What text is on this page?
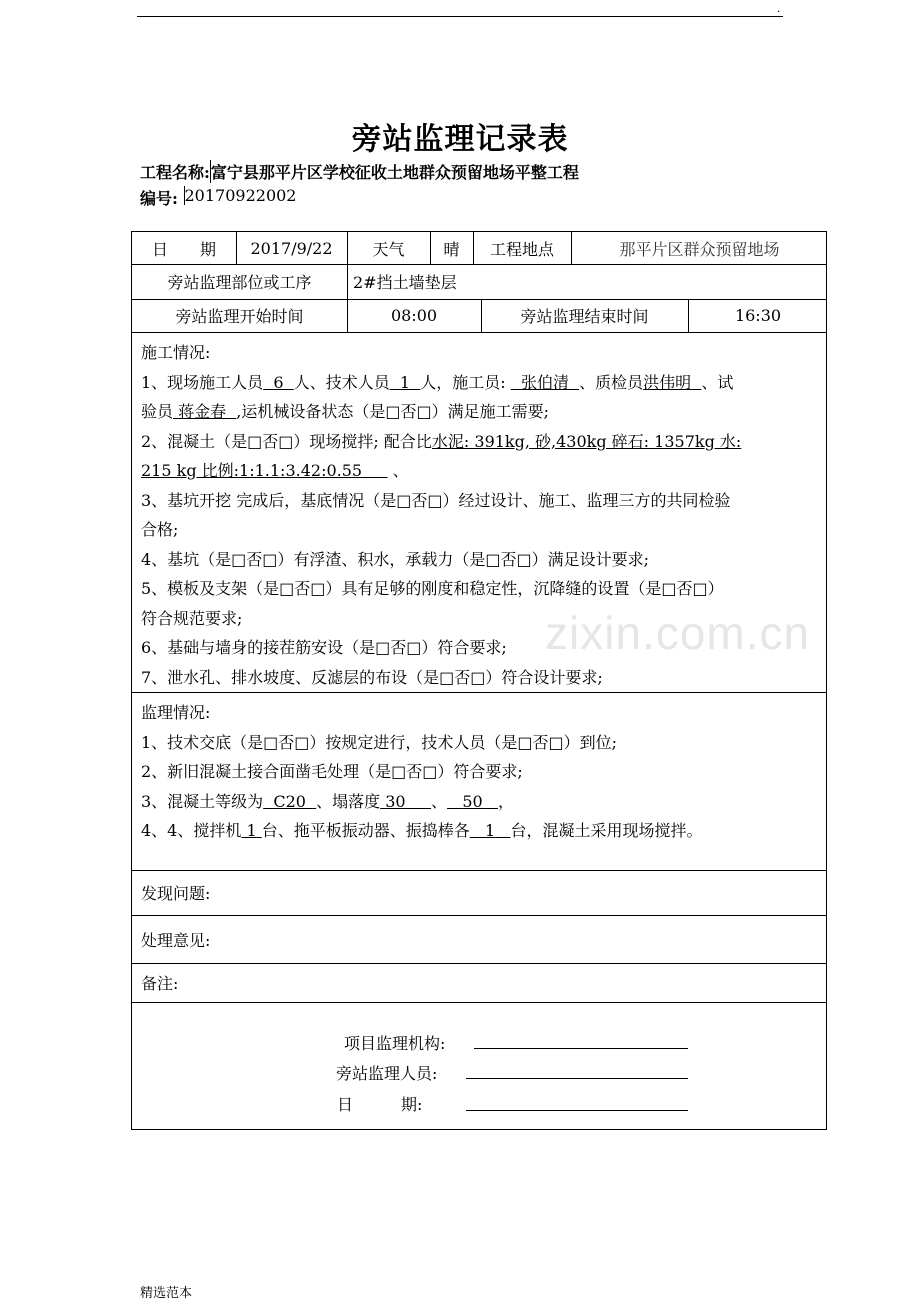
.
旁站监理记录表
工程名称: 富宁县那平片区学校征收土地群众预留地场平整工程
编号: 20170922002
zixin.com.cn
日　　期	2017/9/22	天气	晴	工程地点	那平片区群众预留地场
旁站监理部位或工序	2#挡土墙垫层
旁站监理开始时间	08:00	旁站监理结束时间	16:30
施工情况:
1、现场施工人员 6 人、技术人员 1 人，施工员: 张伯清 、质检员洪伟明 、试
验员 蒋金春 ,运机械设备状态（是□否□）满足施工需要;
2、混凝土（是□否□）现场搅拌; 配合比水泥: 391kg, 砂,430kg 碎石: 1357kg 水:
215 kg 比例:1:1.1:3.42:0.55 、
3、基坑开挖 完成后，基底情况（是□否□）经过设计、施工、监理三方的共同检验
合格;
4、基坑（是□否□）有浮渣、积水，承载力（是□否□）满足设计要求;
5、模板及支架（是□否□）具有足够的刚度和稳定性，沉降缝的设置（是□否□）
符合规范要求;
6、基础与墙身的接茬筋安设（是□否□）符合要求;
7、泄水孔、排水坡度、反滤层的布设（是□否□）符合设计要求;
监理情况:
1、技术交底（是□否□）按规定进行，技术人员（是□否□）到位;
2、新旧混凝土接合面凿毛处理（是□否□）符合要求;
3、混凝土等级为 C20 、塌落度 30 、 50 ，
4、4、搅拌机 1 台、拖平板振动器、振捣棒各 1 台，混凝土采用现场搅拌。
发现问题:
处理意见:
备注:
项目监理机构:
旁站监理人员:
日　　　期:
精选范本
